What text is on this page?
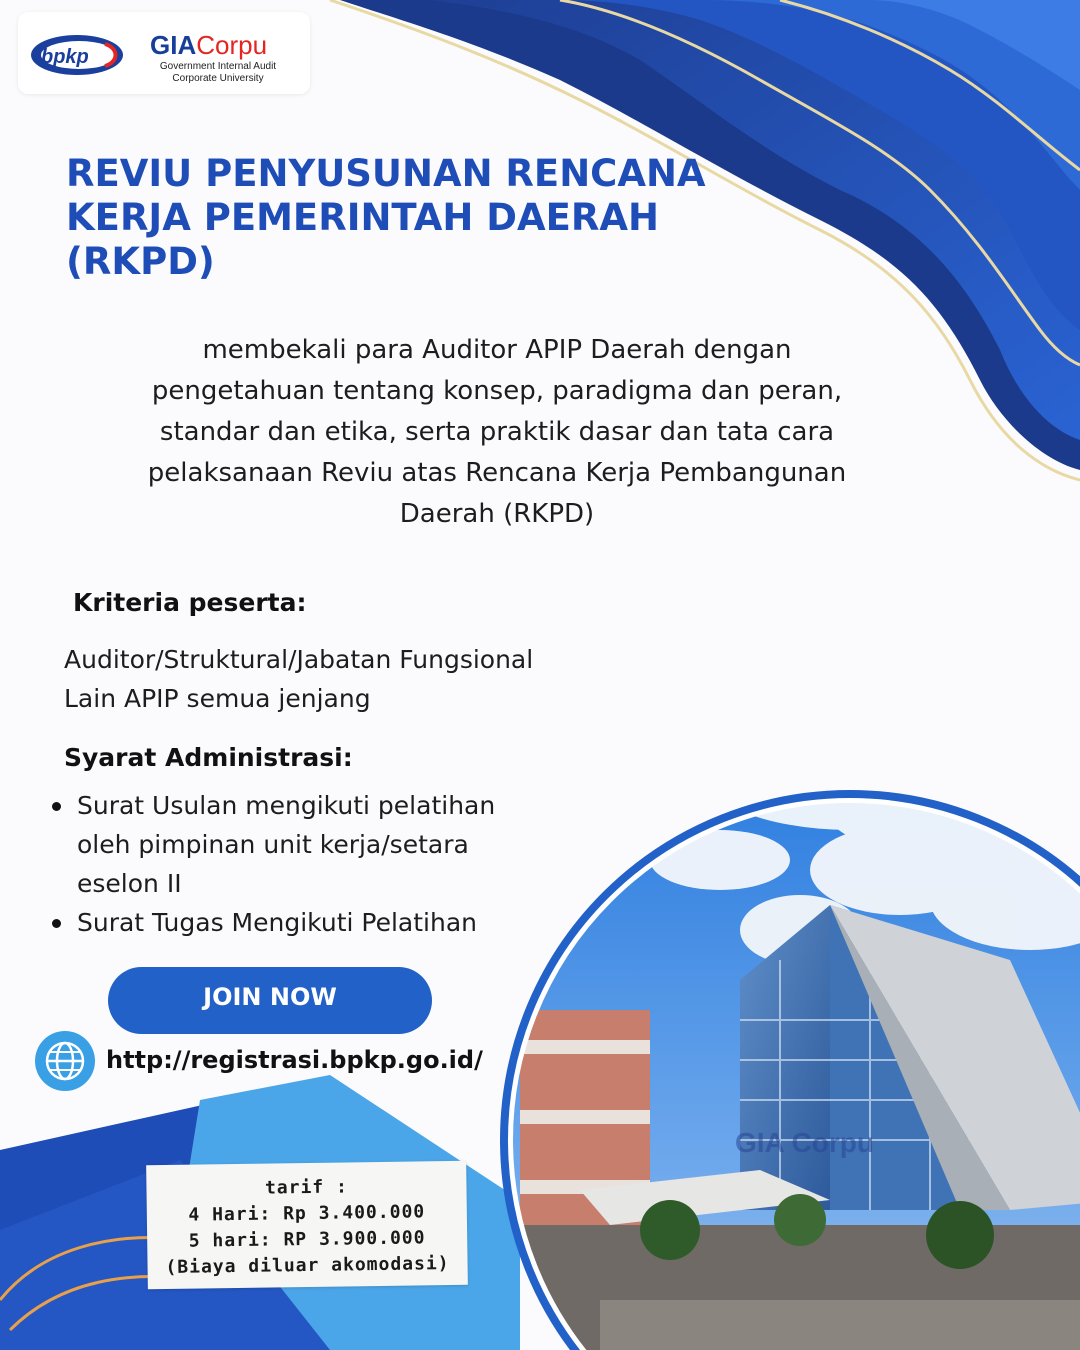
bpkp GIACorpu
Government Internal Audit
Corporate University
REVIU PENYUSUNAN RENCANA
KERJA PEMERINTAH DAERAH
(RKPD)
membekali para Auditor APIP Daerah dengan
pengetahuan tentang konsep, paradigma dan peran,
standar dan etika, serta praktik dasar dan tata cara
pelaksanaan Reviu atas Rencana Kerja Pembangunan
Daerah (RKPD)
Kriteria peserta:
Auditor/Struktural/Jabatan Fungsional
Lain APIP semua jenjang
Syarat Administrasi:
Surat Usulan mengikuti pelatihan
oleh pimpinan unit kerja/setara
eselon II
Surat Tugas Mengikuti Pelatihan
JOIN NOW
http://registrasi.bpkp.go.id/
GIA Corpu
tarif :
4 Hari: Rp 3.400.000
5 hari: RP 3.900.000
(Biaya diluar akomodasi)
